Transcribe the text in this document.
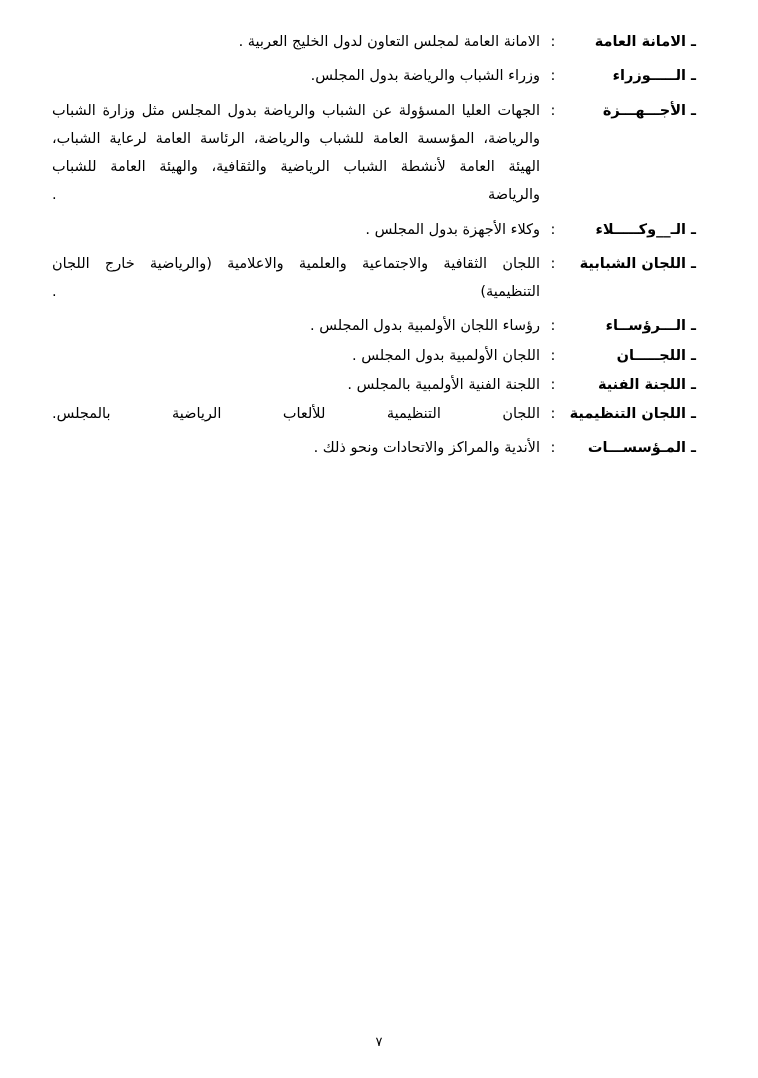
ـ الامانة العامة	:	الامانة العامة لمجلس التعاون لدول الخليج العربية .
ـ الـــــوزراء	:	وزراء الشباب والرياضة بدول المجلس.
ـ الأجـــهـــزة	:	الجهات العليا المسؤولة عن الشباب والرياضة بدول المجلس مثل وزارة الشباب والرياضة، المؤسسة العامة للشباب والرياضة، الرئاسة العامة لرعاية الشباب، الهيئة العامة لأنشطة الشباب الرياضية والثقافية، والهيئة العامة للشباب والرياضة .
ـ الـ__وكـــــلاء	:	وكلاء الأجهزة بدول المجلس .
ـ اللجان الشبابية	:	اللجان الثقافية والاجتماعية والعلمية والاعلامية (والرياضية خارج اللجان التنظيمية) .
ـ الـــرؤســاء	:	رؤساء اللجان الأولمبية بدول المجلس .
ـ اللجـــــان	:	اللجان الأولمبية بدول المجلس .
ـ اللجنة الفنية	:	اللجنة الفنية الأولمبية بالمجلس .
ـ اللجان التنظيمية	:	اللجان التنظيمية للألعاب الرياضية بالمجلس.
ـ المـؤسســـات	:	الأندية والمراكز والاتحادات ونحو ذلك .
٧
